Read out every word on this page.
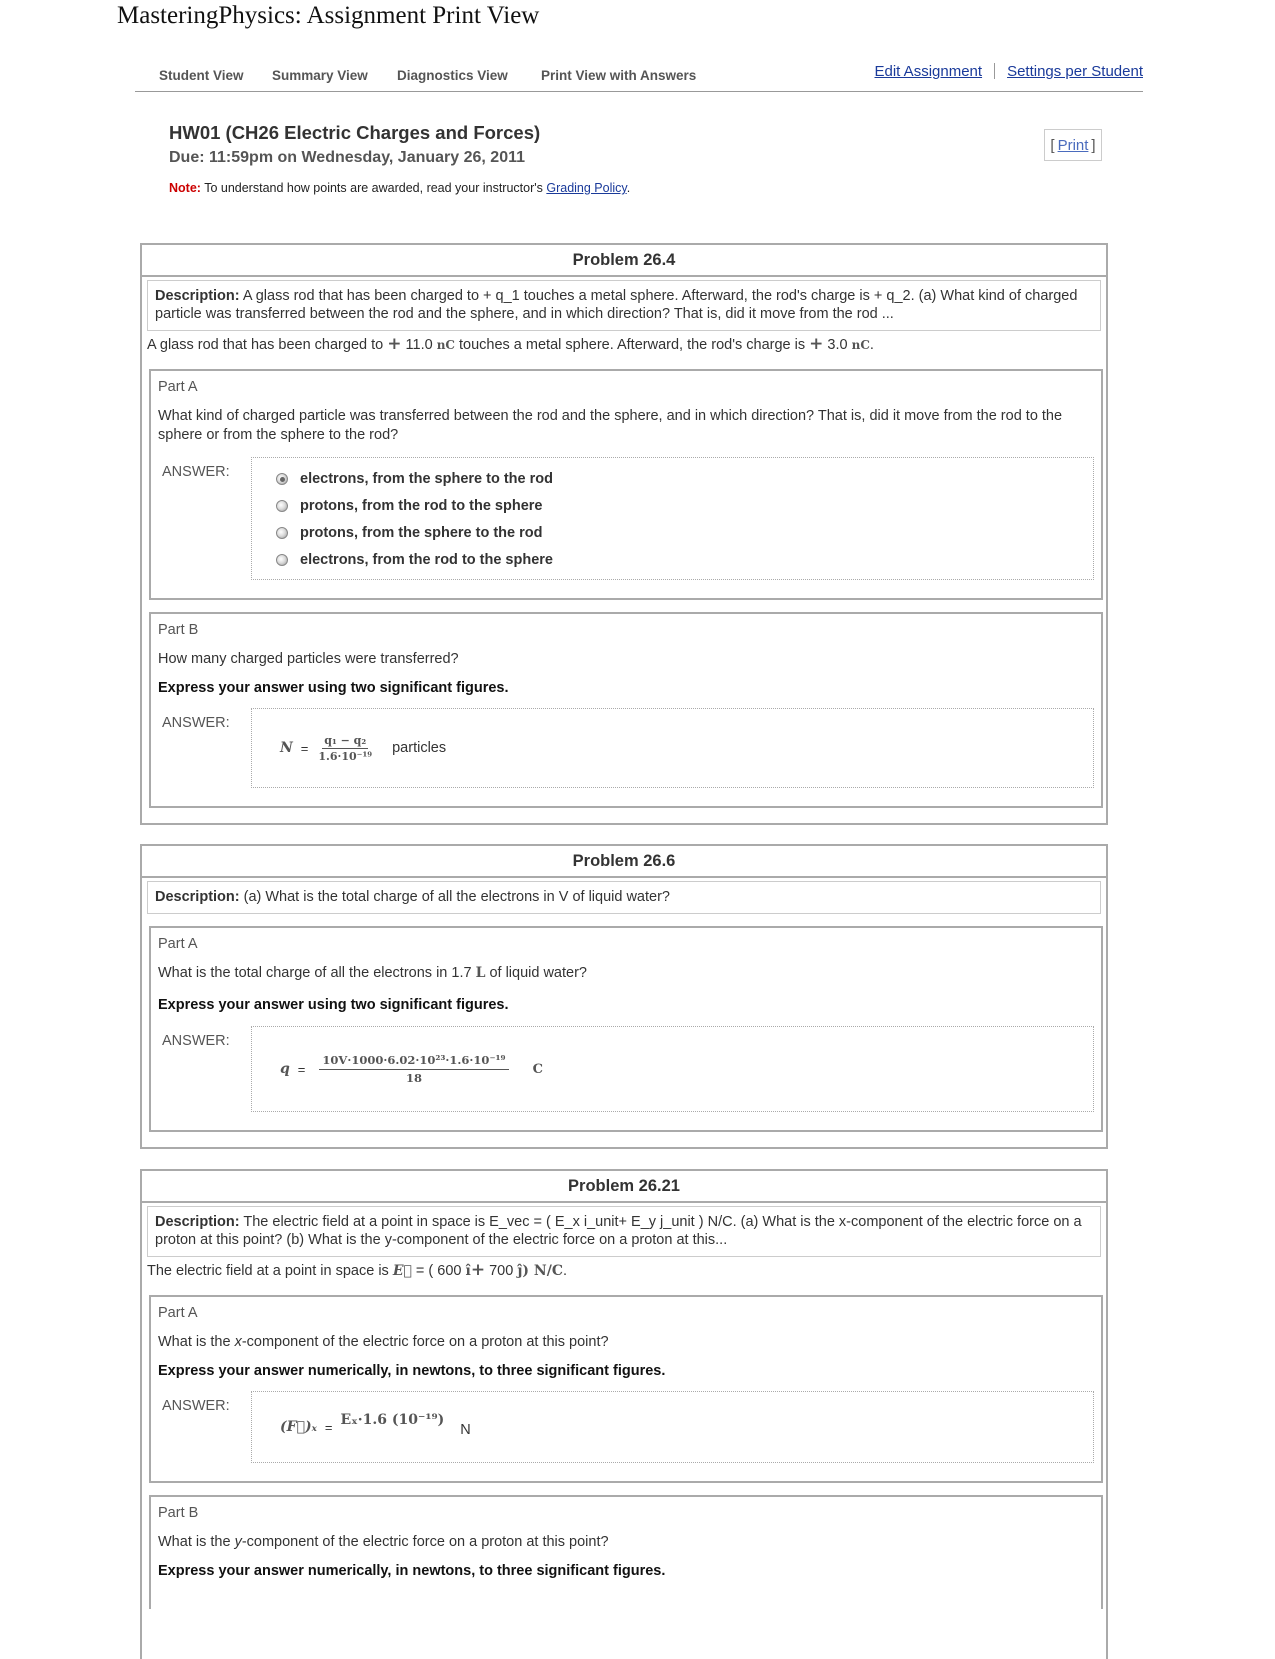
MasteringPhysics: Assignment Print View
Student View Summary View Diagnostics View Print View with Answers	Edit Assignment Settings per Student
HW01 (CH26 Electric Charges and Forces)
Due: 11:59pm on Wednesday, January 26, 2011
Note: To understand how points are awarded, read your instructor's Grading Policy.
[ Print ]
Problem 26.4
Description: A glass rod that has been charged to + q_1 touches a metal sphere. Afterward, the rod's charge is + q_2. (a) What kind of charged particle was transferred between the rod and the sphere, and in which direction? That is, did it move from the rod ...
A glass rod that has been charged to + 11.0 nC touches a metal sphere. Afterward, the rod's charge is + 3.0 nC.
Part A
What kind of charged particle was transferred between the rod and the sphere, and in which direction? That is, did it move from the rod to the sphere or from the sphere to the rod?
ANSWER:	electrons, from the sphere to the rod
protons, from the rod to the sphere
protons, from the sphere to the rod
electrons, from the rod to the sphere
Part B
How many charged particles were transferred?
Express your answer using two significant figures.
ANSWER:
$N = \frac{\text{q₁ − q₂}}{\text{1.6·10⁻¹⁹}}$ particles
Problem 26.6
Description: (a) What is the total charge of all the electrons in V of liquid water?
Part A
What is the total charge of all the electrons in 1.7 L of liquid water?
Express your answer using two significant figures.
ANSWER:
$q = \frac{\text{10V·1000·6.02·10²³·1.6·10⁻¹⁹}}{18}$ C
Problem 26.21
Description: The electric field at a point in space is E_vec = ( E_x i_unit+ E_y j_unit ) N/C. (a) What is the x-component of the electric force on a proton at this point? (b) What is the y-component of the electric force on a proton at this...
The electric field at a point in space is E⃗ = ( 600 î+ 700 ĵ) N/C.
Part A
What is the x-component of the electric force on a proton at this point?
Express your answer numerically, in newtons, to three significant figures.
ANSWER:
(F⃗)ₓ = Eₓ·1.6 (10⁻¹⁹)
N
Part B
What is the y-component of the electric force on a proton at this point?
Express your answer numerically, in newtons, to three significant figures.
